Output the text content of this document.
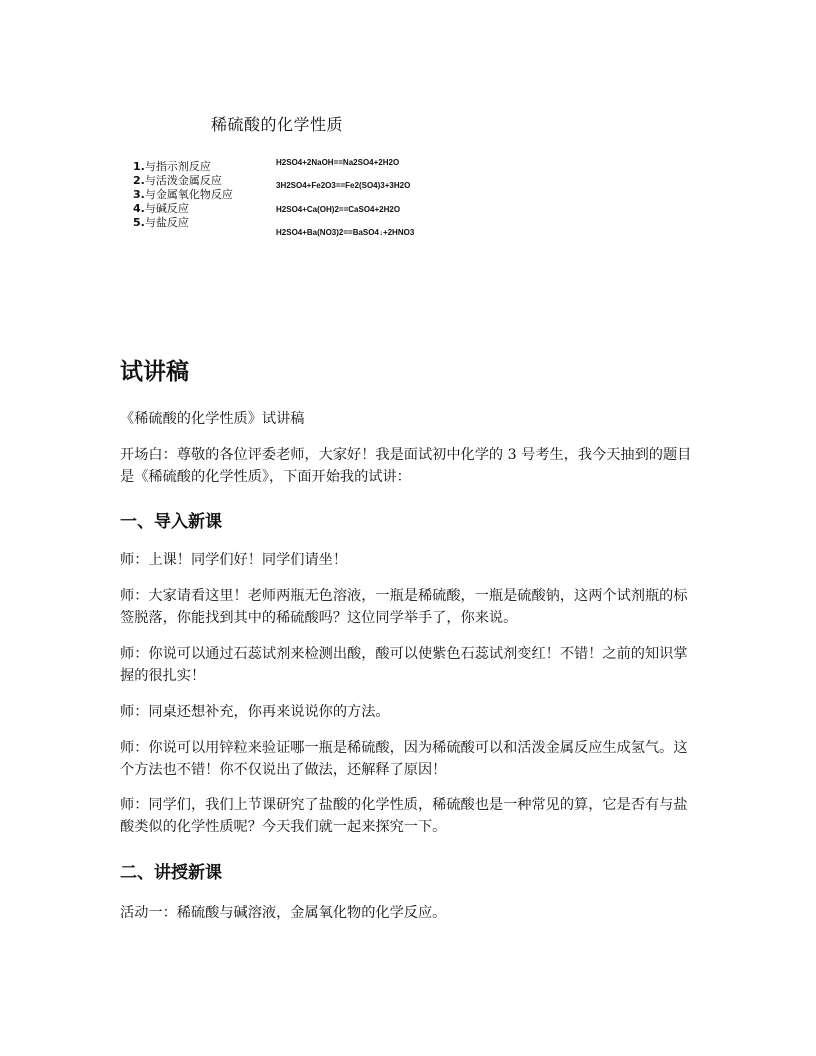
稀硫酸的化学性质
1.与指示剂反应
2.与活泼金属反应
3.与金属氧化物反应
4.与碱反应
5.与盐反应
H2SO4+2NaOH==Na2SO4+2H2O
3H2SO4+Fe2O3==Fe2(SO4)3+3H2O
H2SO4+Ca(OH)2==CaSO4+2H2O
H2SO4+Ba(NO3)2==BaSO4↓+2HNO3
试讲稿
《稀硫酸的化学性质》试讲稿
开场白：尊敬的各位评委老师，大家好！我是面试初中化学的 3 号考生，我今天抽到的题目是《稀硫酸的化学性质》，下面开始我的试讲：
一、导入新课
师：上课！同学们好！同学们请坐！
师：大家请看这里！老师两瓶无色溶液，一瓶是稀硫酸，一瓶是硫酸钠，这两个试剂瓶的标签脱落，你能找到其中的稀硫酸吗？这位同学举手了，你来说。
师：你说可以通过石蕊试剂来检测出酸，酸可以使紫色石蕊试剂变红！不错！之前的知识掌握的很扎实！
师：同桌还想补充，你再来说说你的方法。
师：你说可以用锌粒来验证哪一瓶是稀硫酸，因为稀硫酸可以和活泼金属反应生成氢气。这个方法也不错！你不仅说出了做法，还解释了原因！
师：同学们，我们上节课研究了盐酸的化学性质，稀硫酸也是一种常见的算，它是否有与盐酸类似的化学性质呢？今天我们就一起来探究一下。
二、讲授新课
活动一：稀硫酸与碱溶液，金属氧化物的化学反应。
